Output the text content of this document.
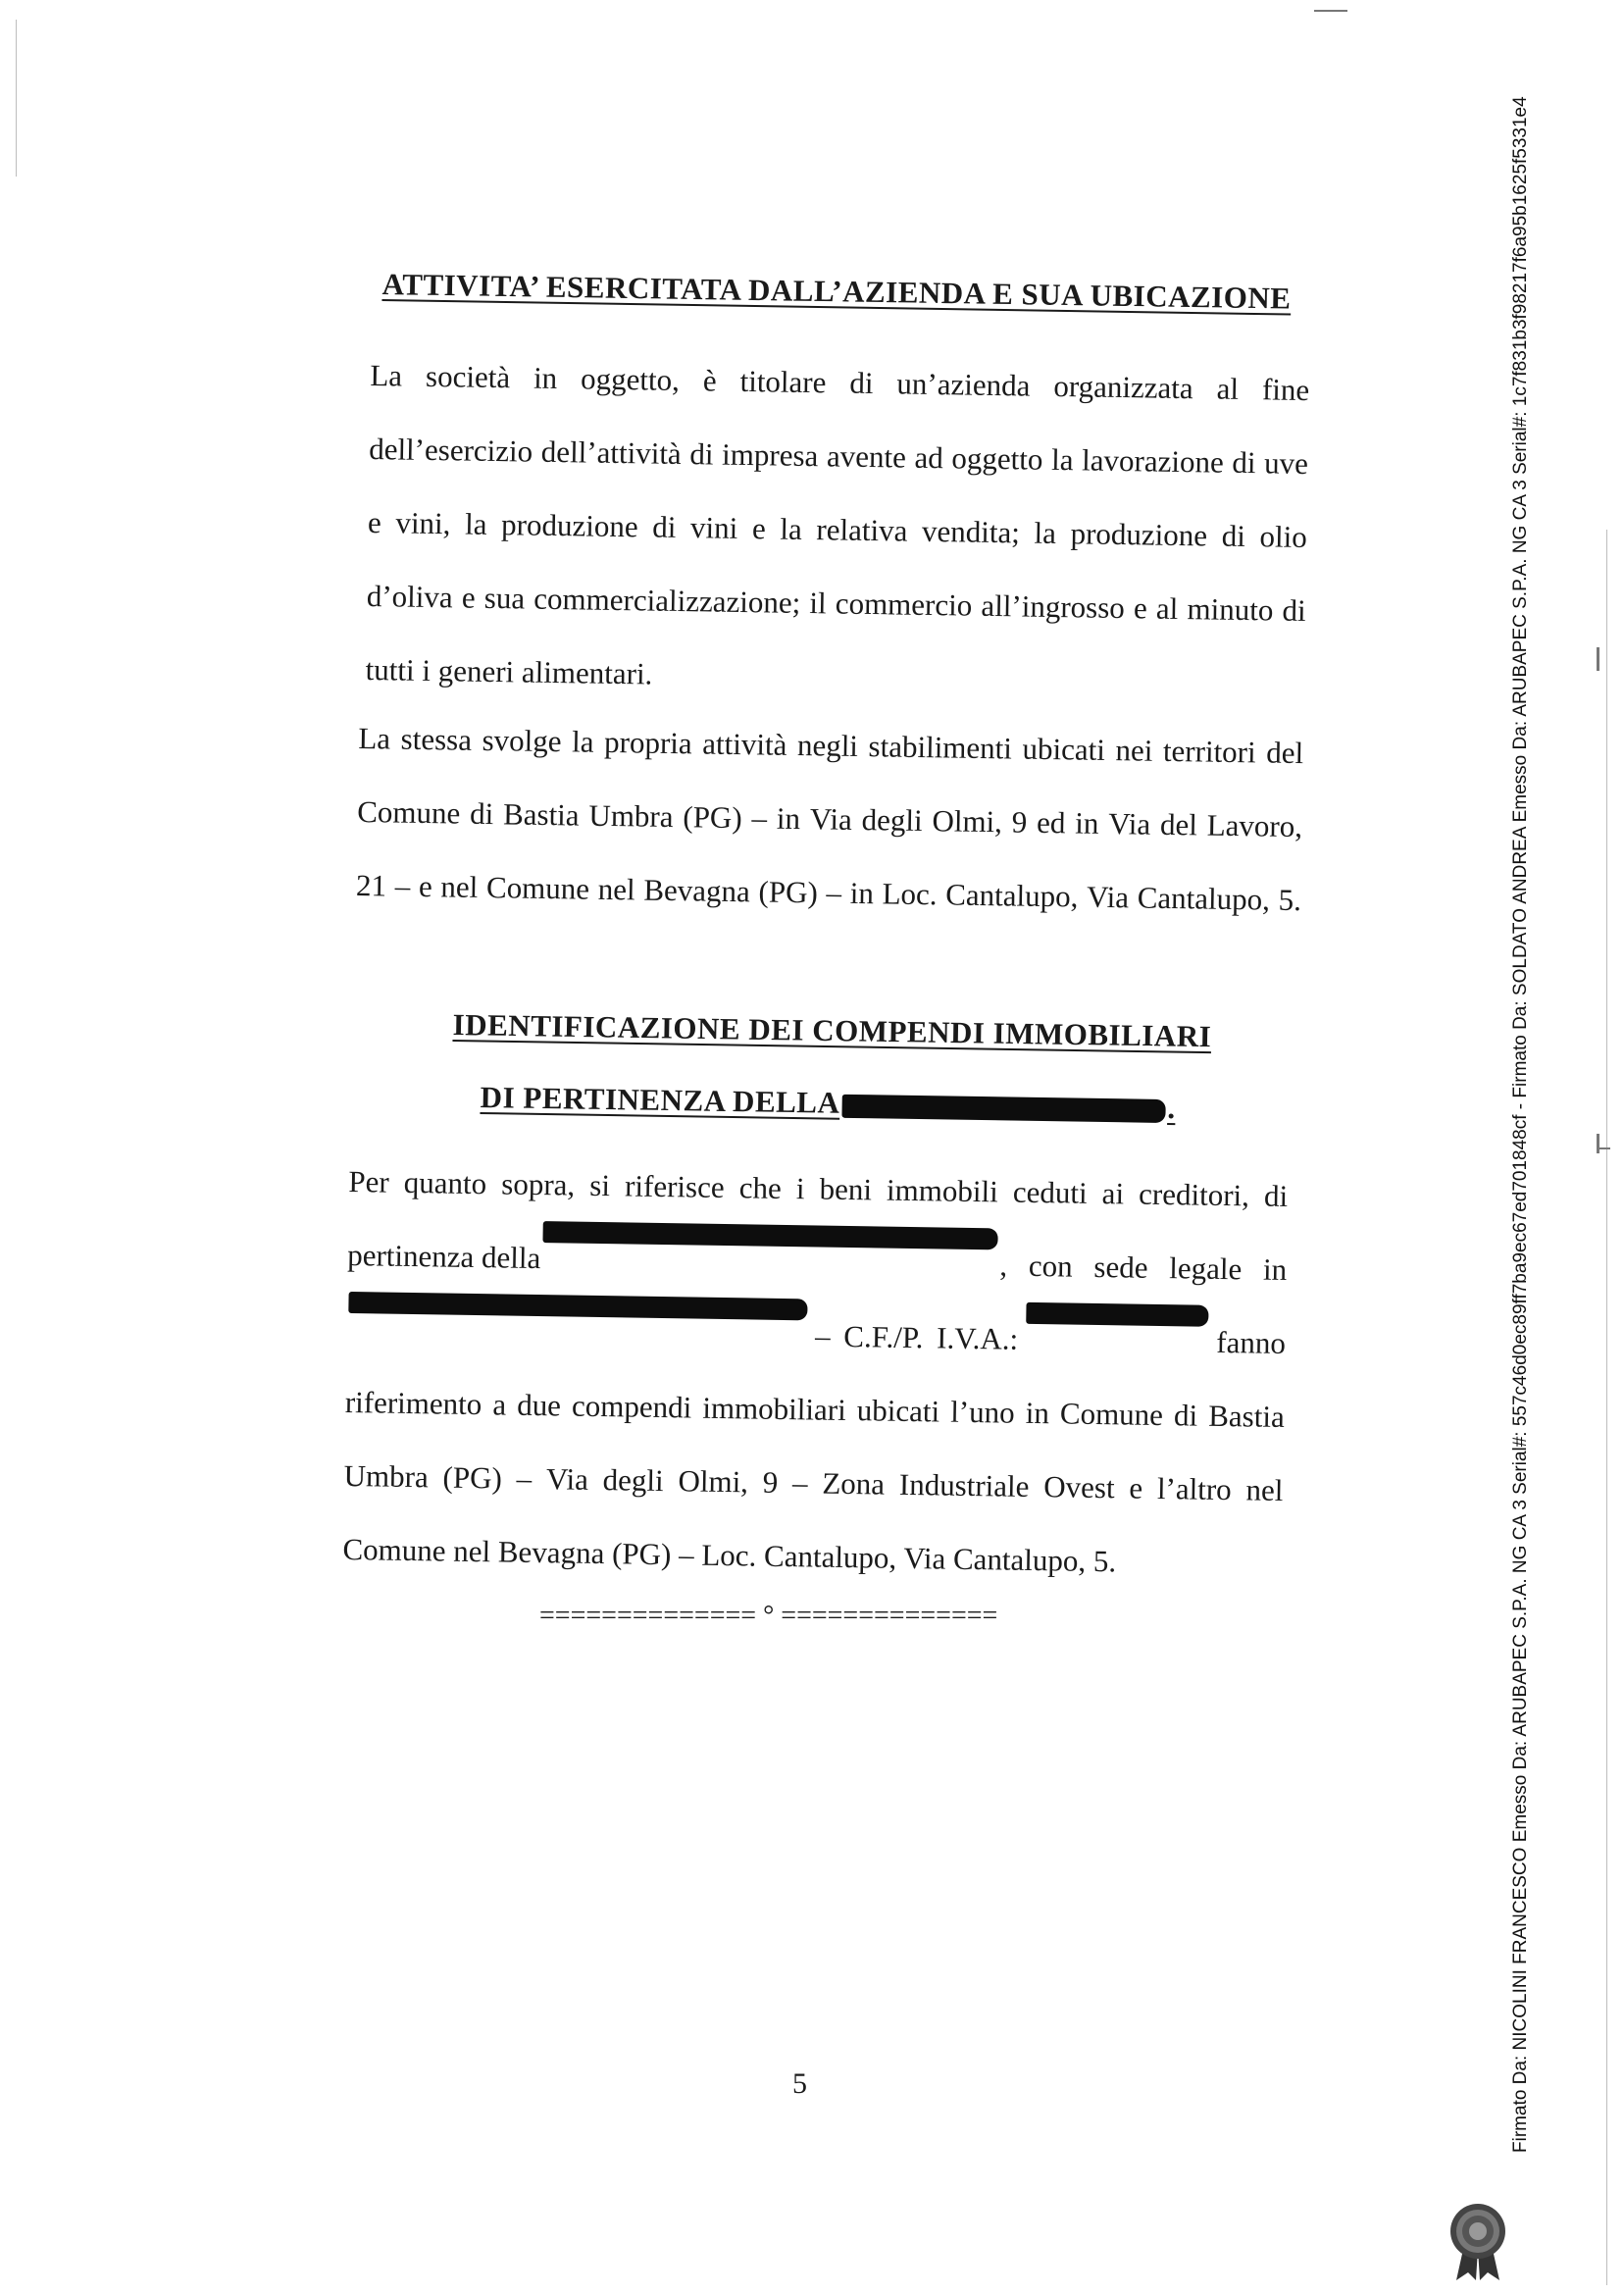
ATTIVITA’ ESERCITATA DALL’AZIENDA E SUA UBICAZIONE
La società in oggetto, è titolare di un’azienda organizzata al fine
dell’esercizio dell’attività di impresa avente ad oggetto la lavorazione di uve
e vini, la produzione di vini e la relativa vendita; la produzione di olio
d’oliva e sua commercializzazione; il commercio all’ingrosso e al minuto di
tutti i generi alimentari.
La stessa svolge la propria attività negli stabilimenti ubicati nei territori del
Comune di Bastia Umbra (PG) – in Via degli Olmi, 9 ed in Via del Lavoro,
21 – e nel Comune nel Bevagna (PG) – in Loc. Cantalupo, Via Cantalupo, 5.
IDENTIFICAZIONE DEI COMPENDI IMMOBILIARI
DI PERTINENZA DELLA	.
Per quanto sopra, si riferisce che i beni immobili ceduti ai creditori, di
pertinenza della	, con sede legale in
– C.F./P. I.V.A.:	fanno
riferimento a due compendi immobiliari ubicati l’uno in Comune di Bastia
Umbra (PG) – Via degli Olmi, 9 – Zona Industriale Ovest e l’altro nel
Comune nel Bevagna (PG) – Loc. Cantalupo, Via Cantalupo, 5.
============== ° ==============
5	Firmato Da: NICOLINI FRANCESCO Emesso Da: ARUBAPEC S.P.A. NG CA 3 Serial#: 557c46d0ec89ff7ba9ec67ed701848cf - Firmato Da: SOLDATO ANDREA Emesso Da: ARUBAPEC S.P.A. NG CA 3 Serial#: 1c7f831b3f98217f6a95b1625f5331e4
